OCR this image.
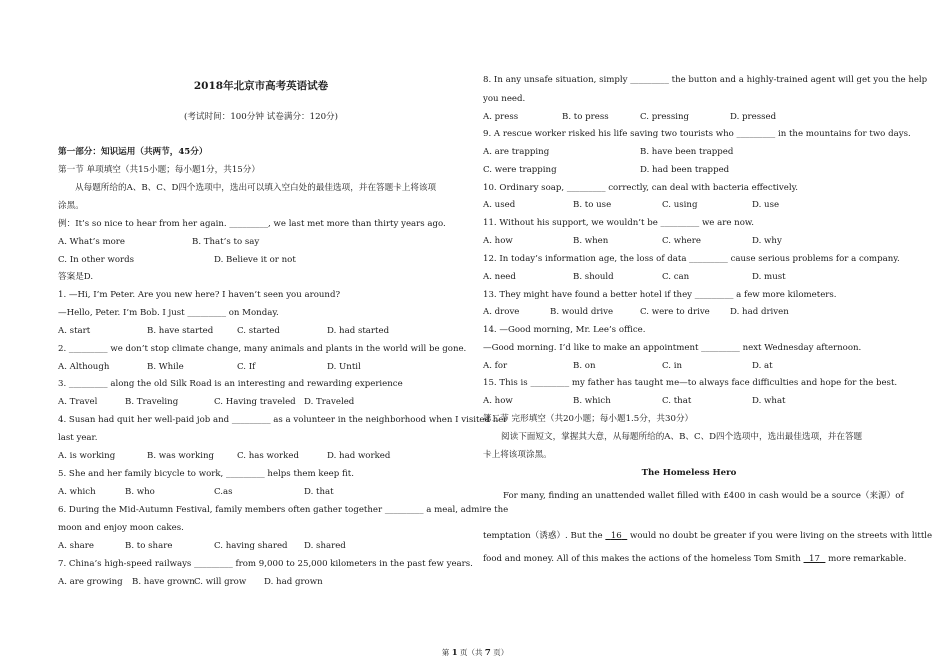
2018年北京市高考英语试卷
(考试时间：100分钟 试卷满分：120分)
第一部分：知识运用（共两节，45分）
第一节 单项填空（共15小题；每小题1分，共15分）
从每题所给的A、B、C、D四个选项中，选出可以填入空白处的最佳选项，并在答题卡上将该项
涂黑。
例：It’s so nice to hear from her again. _________, we last met more than thirty years ago.
A. What’s more	B. That’s to say
C. In other words	D. Believe it or not
答案是D.
1. —Hi, I’m Peter. Are you new here? I haven’t seen you around?
—Hello, Peter. I’m Bob. I just _________ on Monday.
A. start	B. have started	C. started	D. had started
2. _________ we don’t stop climate change, many animals and plants in the world will be gone.
A. Although	B. While	C. If	D. Until
3. _________ along the old Silk Road is an interesting and rewarding experience
A. Travel	B. Traveling	C. Having traveled D. Traveled
4. Susan had quit her well-paid job and _________ as a volunteer in the neighborhood when I visited her
last year.
A. is working	B. was working	C. has worked	D. had worked
5. She and her family bicycle to work, _________ helps them keep fit.
A. which	B. who	C.as	D. that
6. During the Mid-Autumn Festival, family members often gather together _________ a meal, admire the
moon and enjoy moon cakes.
A. share	B. to share	C. having shared D. shared
7. China’s high-speed railways _________ from 9,000 to 25,000 kilometers in the past few years.
A. are growing B. have grown C. will grow D. had grown
8. In any unsafe situation, simply _________ the button and a highly-trained agent will get you the help
you need.
A. press	B. to press	C. pressing	D. pressed
9. A rescue worker risked his life saving two tourists who _________ in the mountains for two days.
A. are trapping	B. have been trapped
C. were trapping	D. had been trapped
10. Ordinary soap, _________ correctly, can deal with bacteria effectively.
A. used	B. to use	C. using	D. use
11. Without his support, we wouldn’t be _________ we are now.
A. how	B. when	C. where	D. why
12. In today’s information age, the loss of data _________ cause serious problems for a company.
A. need	B. should	C. can	D. must
13. They might have found a better hotel if they _________ a few more kilometers.
A. drove	B. would drive	C. were to drive D. had driven
14. —Good morning, Mr. Lee’s office.
—Good morning. I’d like to make an appointment _________ next Wednesday afternoon.
A. for	B. on	C. in	D. at
15. This is _________ my father has taught me—to always face difficulties and hope for the best.
A. how	B. which	C. that	D. what
第二节 完形填空（共20小题；每小题1.5分，共30分）
阅读下面短文，掌握其大意，从每题所给的A、B、C、D四个选项中，选出最佳选项，并在答题
卡上将该项涂黑。
The Homeless Hero
For many, finding an unattended wallet filled with £400 in cash would be a source（来源）of
temptation（诱惑）. But the   16   would no doubt be greater if you were living on the streets with little
food and money. All of this makes the actions of the homeless Tom Smith   17   more remarkable.
第 1 页（共 7 页）
